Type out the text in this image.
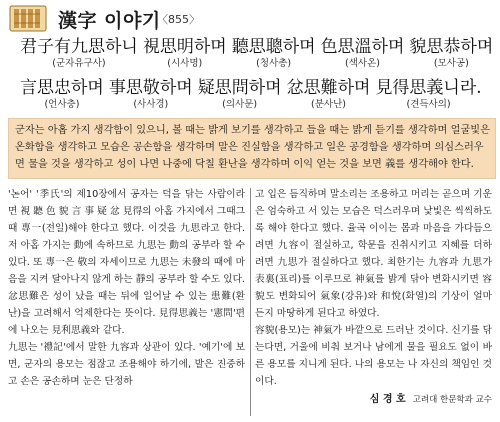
漢字 이야기
〈855〉
君子有九思하니
(군자유구사)
視思明하며
(시사명)
聽思聰하며
(청사총)
色思溫하며
(색사온)
貌思恭하며
(모사공)
言思忠하며
(언사충)
事思敬하며
(사사경)
疑思問하며
(의사문)
忿思難하며
(분사난)
見得思義니라.
(견득사의)

군자는 아홉 가지 생각함이 있으니, 볼 때는 밝게 보기를 생각하고 들을 때는 밝게 듣기를 생각하며 얼굴빛은 온화함을 생각하고 모습은 공손함을 생각하며 말은 진실함을 생각하고 일은 공경함을 생각하며 의심스러우면 물을 것을 생각하고 성이 나면 나중에 닥칠 환난을 생각하며 이익 얻는 것을 보면 義를 생각해야 한다.

'논어' '季氏'의 제10장에서 공자는 덕을 닦는 사람이라면 視 聽 色 貌 言 事 疑 忿 見得의 아홉 가지에서 그때그때 專一(전일)해야 한다고 했다. 이것을 九思라고 한다. 저 아홉 가지는 動에 속하므로 九思는 動의 공부라 할 수 있다. 또 專一은 敬의 자세이므로 九思는 未發의 때에 마음을 지켜 달아나지 않게 하는 靜의 공부라 할 수도 있다. 忿思難은 성이 났을 때는 뒤에 일어날 수 있는 患難(환난)을 고려해서 억제한다는 뜻이다. 見得思義는 '憲問'편에 나오는 見利思義와 같다.

九思는 '禮記'에서 말한 九容과 상관이 있다. '예기'에 보면, 군자의 용모는 점잖고 조용해야 하기에, 발은 진중하고 손은 공손하며 눈은 단정하

고 입은 듬직하며 말소리는 조용하고 머리는 곧으며 기운은 엄숙하고 서 있는 모습은 덕스러우며 낯빛은 씩씩하도록 해야 한다고 했다. 율곡 이이는 몸과 마음을 가다듬으려면 九容이 절실하고, 학문을 진취시키고 지혜를 더하려면 九思가 절실하다고 했다. 최한기는 九容과 九思가 表裏(표리)를 이루므로 神氣를 밝게 닦아 변화시키면 容貌도 변화되어 氣象(강유)와 和悅(화열)의 기상이 얼마든지 마땅하게 된다고 하였다.

容貌(용모)는 神氣가 바깥으로 드러난 것이다. 신기를 닦는다면, 거울에 비춰 보거나 남에게 물을 필요도 없이 바른 용모를 지니게 된다. 나의 용모는 나 자신의 책임인 것이다.

심 경 호 고려대 한문학과 교수
